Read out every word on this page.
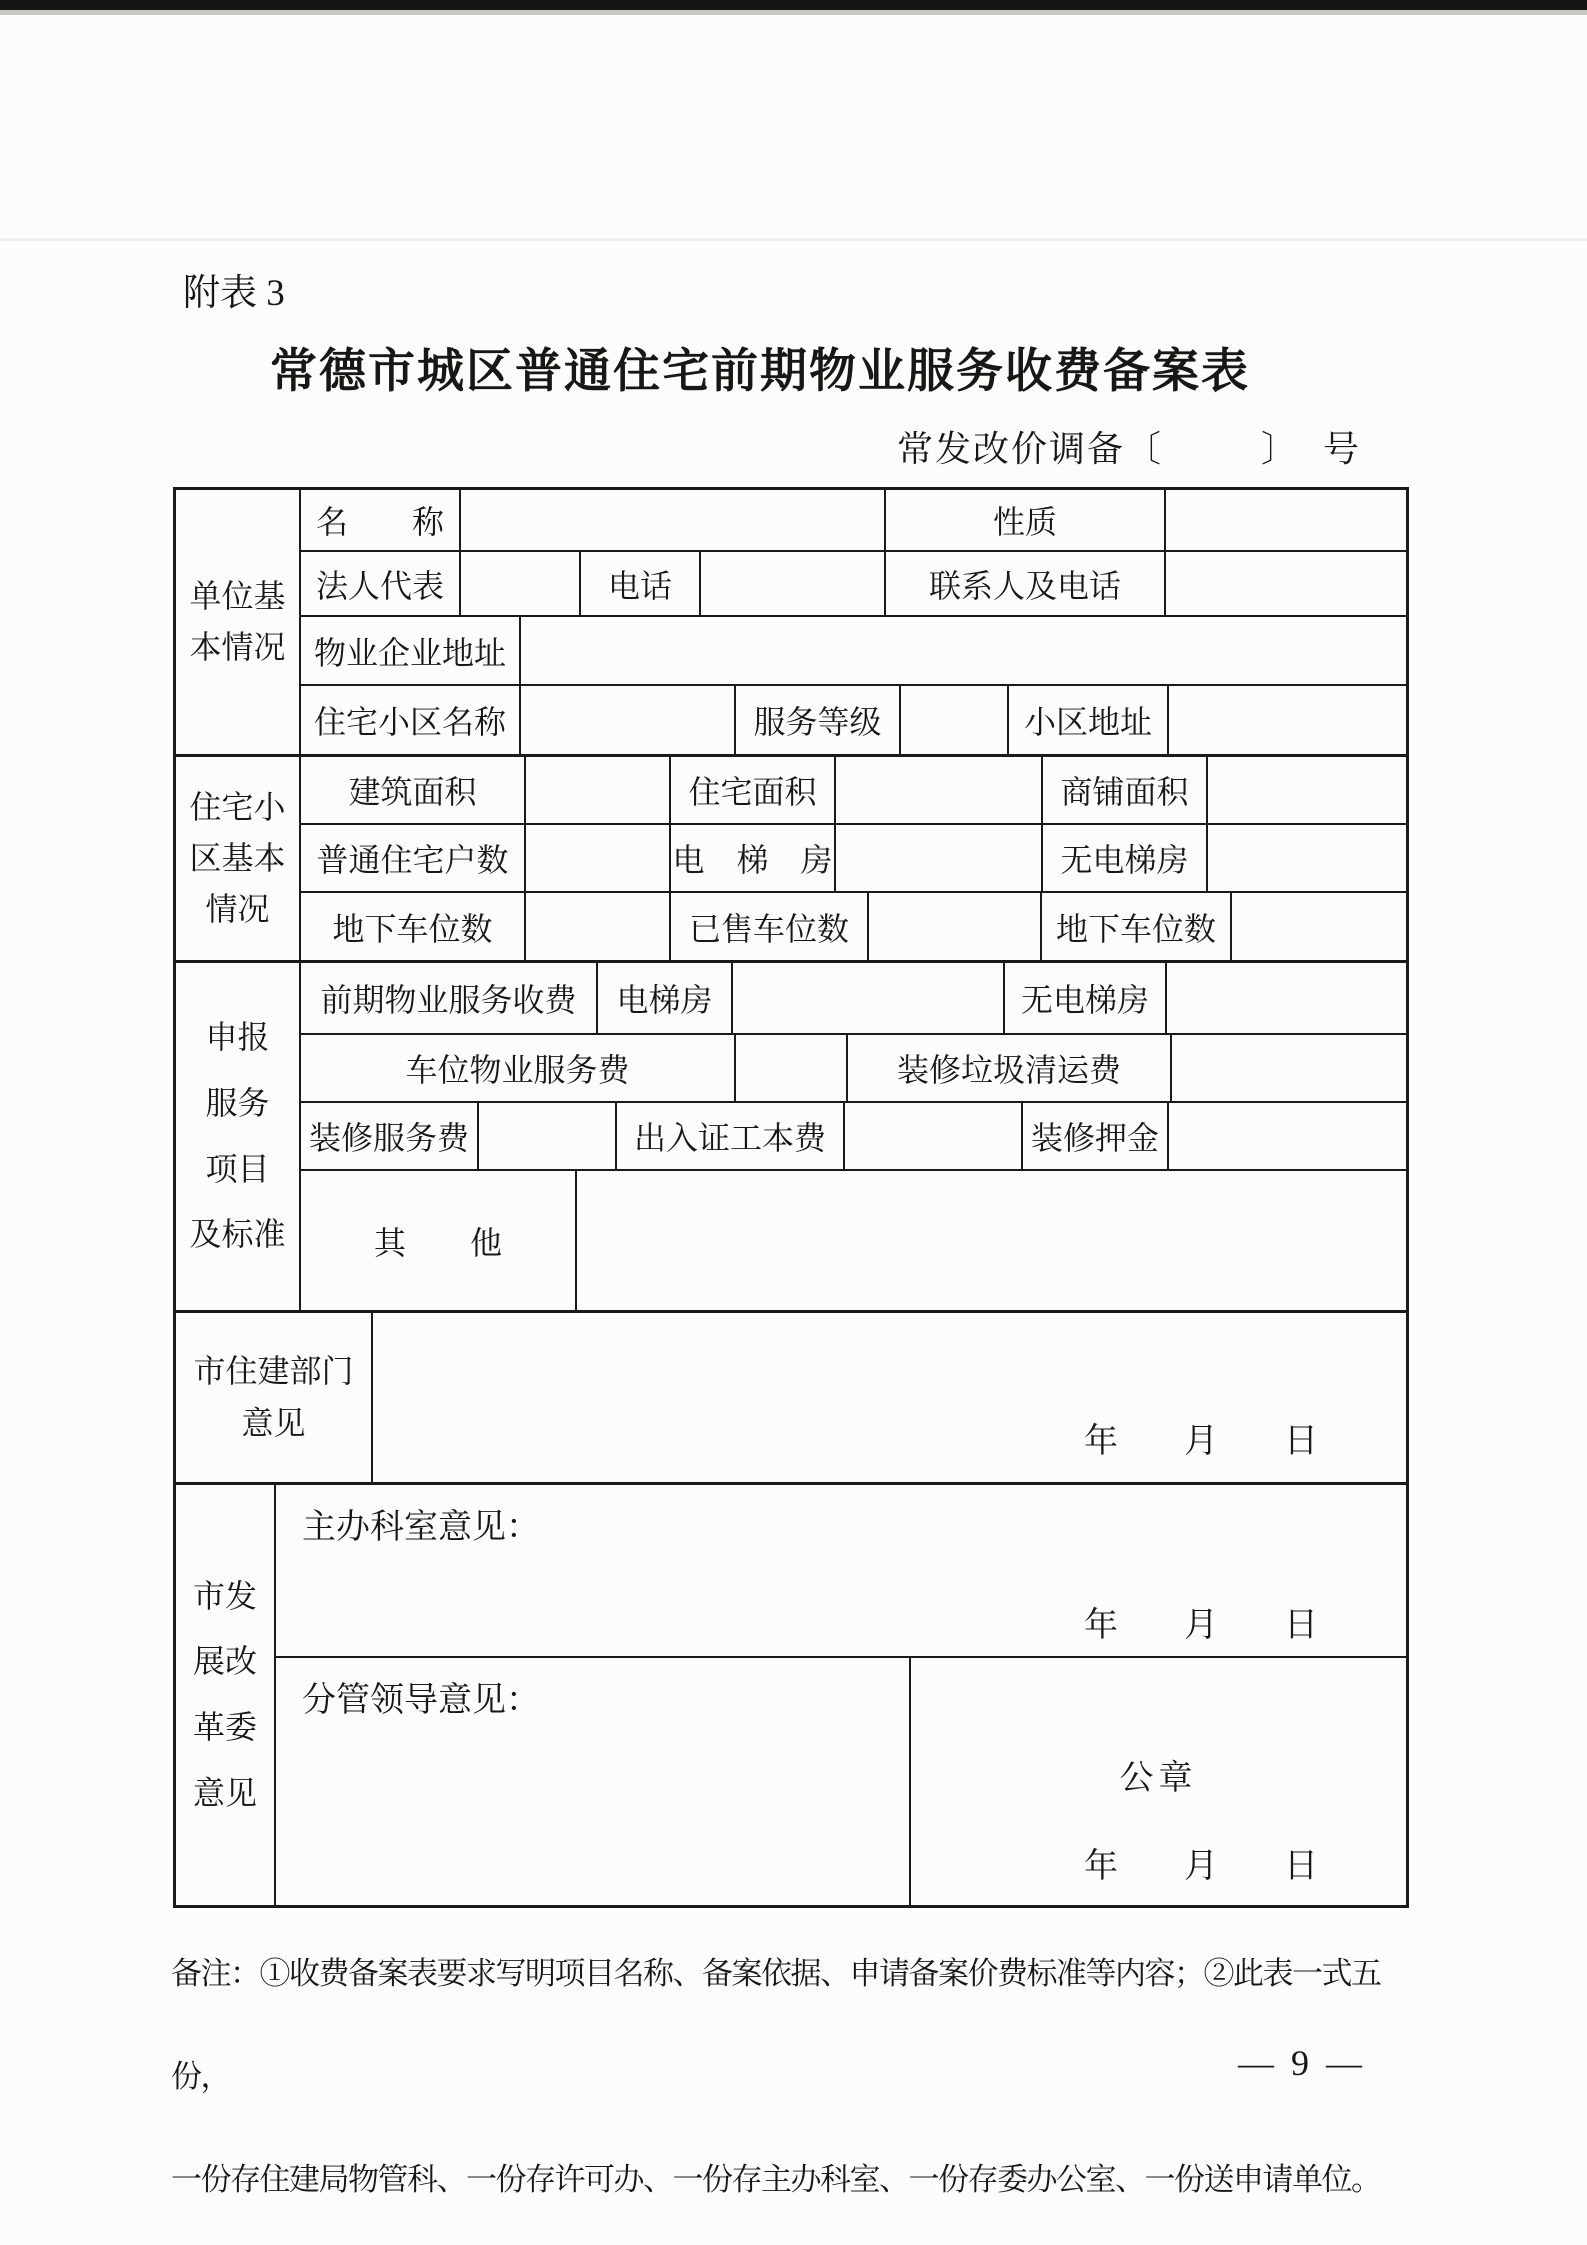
附表 3
常德市城区普通住宅前期物业服务收费备案表
常发改价调备 〔	〕 号
单位基
本情况
名　　称	性质
法人代表	电话	联系人及电话
物业企业地址
住宅小区名称	服务等级	小区地址
住宅小
区基本
情况
建筑面积	住宅面积	商铺面积
普通住宅户数	电　梯　房	无电梯房
地下车位数	已售车位数	地下车位数
申报
服务
项目
及标准
前期物业服务收费	电梯房	无电梯房
车位物业服务费	装修垃圾清运费
装修服务费	出入证工本费	装修押金
其　　他
市住建部门
意见
年 月 日
市发
展改
革委
意见
主办科室意见：
年 月 日
分管领导意见：
公章
年 月 日
备注：①收费备案表要求写明项目名称、备案依据、申请备案价费标准等内容；②此表一式五份，
一份存住建局物管科、一份存许可办、一份存主办科室、一份存委办公室、一份送申请单位。
— 9 —
